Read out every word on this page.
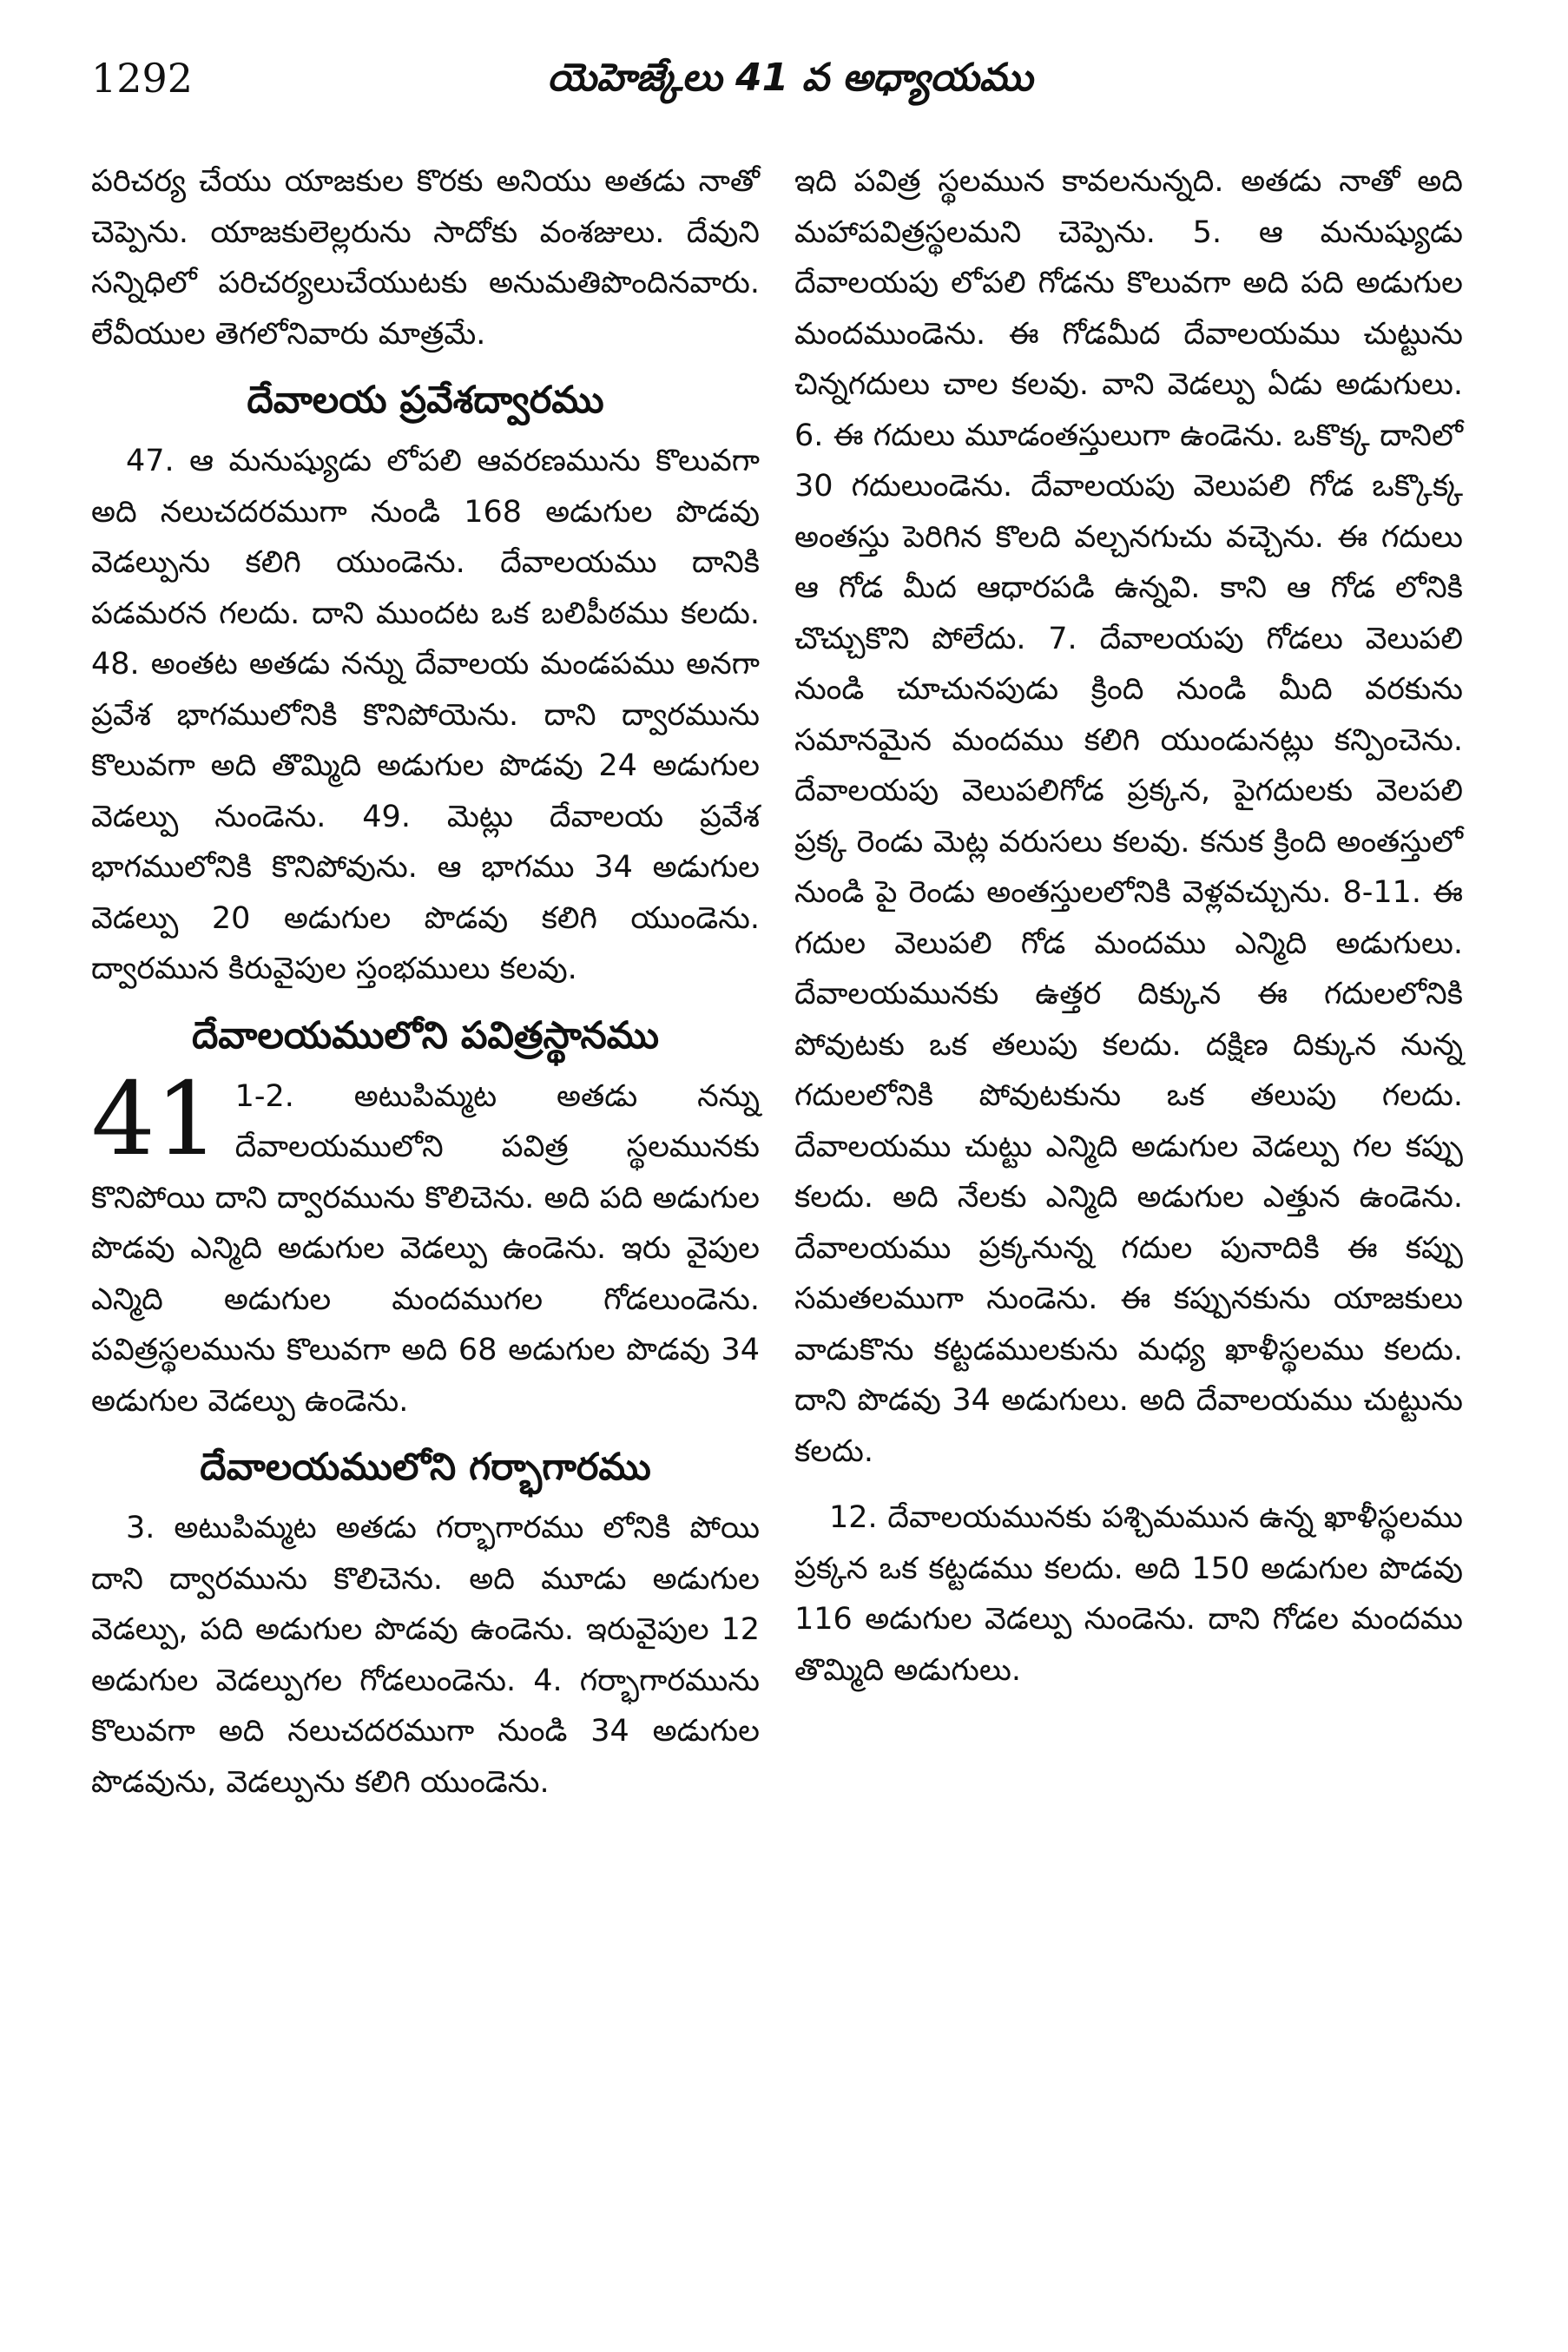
1292	యెహెజ్కేలు 41 వ అధ్యాయము

పరిచర్య చేయు యాజకుల కొరకు అనియు అతడు నాతో చెప్పెను. యాజకులెల్లరును సాదోకు వంశజులు. దేవుని సన్నిధిలో పరిచర్యలుచేయుటకు అనుమతిపొందినవారు. లేవీయుల తెగలోనివారు మాత్రమే.

దేవాలయ ప్రవేశద్వారము

47. ఆ మనుష్యుడు లోపలి ఆవరణమును కొలువగా అది నలుచదరముగా నుండి 168 అడుగుల పొడవు వెడల్పును కలిగి యుండెను. దేవాలయము దానికి పడమరన గలదు. దాని ముందట ఒక బలిపీఠము కలదు. 48. అంతట అతడు నన్ను దేవాలయ మండపము అనగా ప్రవేశ భాగములోనికి కొనిపోయెను. దాని ద్వారమును కొలువగా అది తొమ్మిది అడుగుల పొడవు 24 అడుగుల వెడల్పు నుండెను. 49. మెట్లు దేవాలయ ప్రవేశ భాగములోనికి కొనిపోవును. ఆ భాగము 34 అడుగుల వెడల్పు 20 అడుగుల పొడవు కలిగి యుండెను. ద్వారమున కిరువైపుల స్తంభములు కలవు.

దేవాలయములోని పవిత్రస్థానము
41 1-2. అటుపిమ్మట అతడు నన్ను దేవాలయములోని పవిత్ర స్థలమునకు కొనిపోయి దాని ద్వారమును కొలిచెను. అది పది అడుగుల పొడవు ఎన్మిది అడుగుల వెడల్పు ఉండెను. ఇరు వైపుల ఎన్మిది అడుగుల మందముగల గోడలుండెను. పవిత్రస్థలమును కొలువగా అది 68 అడుగుల పొడవు 34 అడుగుల వెడల్పు ఉండెను.

దేవాలయములోని గర్భాగారము

3. అటుపిమ్మట అతడు గర్భాగారము లోనికి పోయి దాని ద్వారమును కొలిచెను. అది మూడు అడుగుల వెడల్పు, పది అడుగుల పొడవు ఉండెను. ఇరువైపుల 12 అడుగుల వెడల్పుగల గోడలుండెను. 4. గర్భాగారమును కొలువగా అది నలుచదరముగా నుండి 34 అడుగుల పొడవును, వెడల్పును కలిగి యుండెను.

ఇది పవిత్ర స్థలమున కావలనున్నది. అతడు నాతో అది మహాపవిత్రస్థలమని చెప్పెను. 5. ఆ మనుష్యుడు దేవాలయపు లోపలి గోడను కొలువగా అది పది అడుగుల మందముండెను. ఈ గోడమీద దేవాలయము చుట్టును చిన్నగదులు చాల కలవు. వాని వెడల్పు ఏడు అడుగులు. 6. ఈ గదులు మూడంతస్తులుగా ఉండెను. ఒకొక్క దానిలో 30 గదులుండెను. దేవాలయపు వెలుపలి గోడ ఒక్కొక్క అంతస్తు పెరిగిన కొలది వల్చనగుచు వచ్చెను. ఈ గదులు ఆ గోడ మీద ఆధారపడి ఉన్నవి. కాని ఆ గోడ లోనికి చొచ్చుకొని పోలేదు. 7. దేవాలయపు గోడలు వెలుపలి నుండి చూచునపుడు క్రింది నుండి మీది వరకును సమానమైన మందము కలిగి యుండునట్లు కన్పించెను. దేవాలయపు వెలుపలిగోడ ప్రక్కన, పైగదులకు వెలపలి ప్రక్క రెండు మెట్ల వరుసలు కలవు. కనుక క్రింది అంతస్తులో నుండి పై రెండు అంతస్తులలోనికి వెళ్లవచ్చును. 8-11. ఈ గదుల వెలుపలి గోడ మందము ఎన్మిది అడుగులు. దేవాలయమునకు ఉత్తర దిక్కున ఈ గదులలోనికి పోవుటకు ఒక తలుపు కలదు. దక్షిణ దిక్కున నున్న గదులలోనికి పోవుటకును ఒక తలుపు గలదు. దేవాలయము చుట్టు ఎన్మిది అడుగుల వెడల్పు గల కప్పు కలదు. అది నేలకు ఎన్మిది అడుగుల ఎత్తున ఉండెను. దేవాలయము ప్రక్కనున్న గదుల పునాదికి ఈ కప్పు సమతలముగా నుండెను. ఈ కప్పునకును యాజకులు వాడుకొను కట్టడములకును మధ్య ఖాళీస్థలము కలదు. దాని పొడవు 34 అడుగులు. అది దేవాలయము చుట్టును కలదు.

12. దేవాలయమునకు పశ్చిమమున ఉన్న ఖాళీస్థలము ప్రక్కన ఒక కట్టడము కలదు. అది 150 అడుగుల పొడవు 116 అడుగుల వెడల్పు నుండెను. దాని గోడల మందము తొమ్మిది అడుగులు.
